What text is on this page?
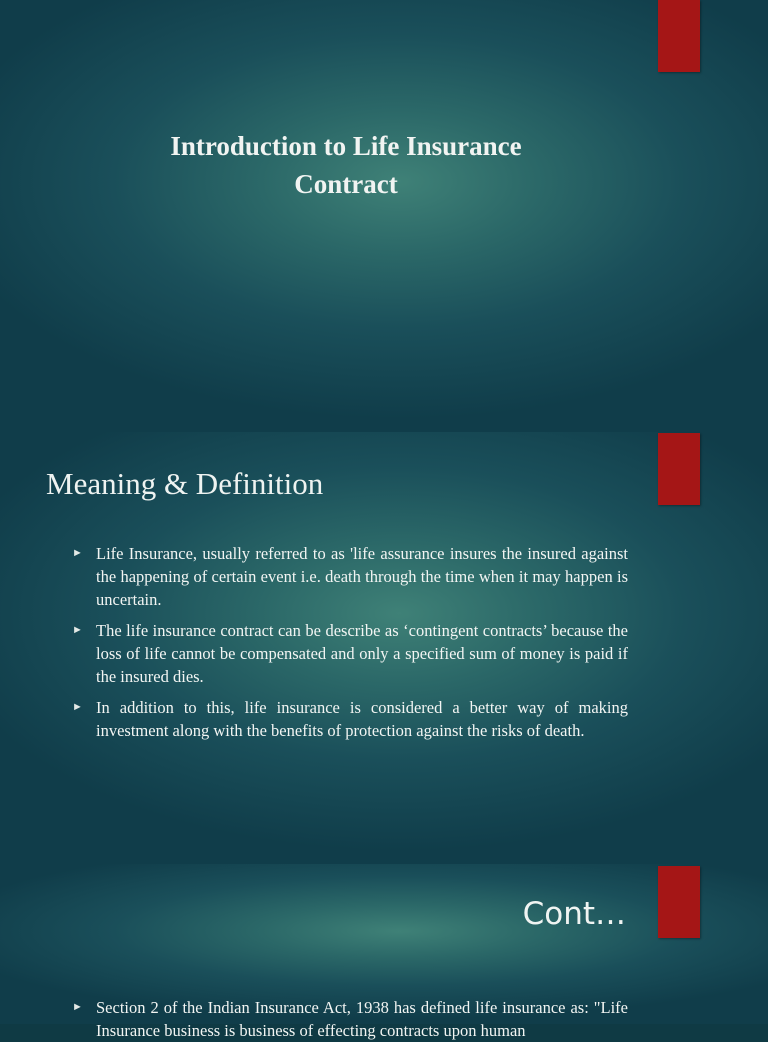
Introduction to Life Insurance
Contract
Meaning & Definition
► Life Insurance, usually referred to as 'life assurance insures the insured against the happening of certain event i.e. death through the time when it may happen is uncertain.
► The life insurance contract can be describe as ‘contingent contracts’ because the loss of life cannot be compensated and only a specified sum of money is paid if the insured dies.
► In addition to this, life insurance is considered a better way of making investment along with the benefits of protection against the risks of death.
Cont…
► Section 2 of the Indian Insurance Act, 1938 has defined life insurance as: "Life Insurance business is business of effecting contracts upon human
